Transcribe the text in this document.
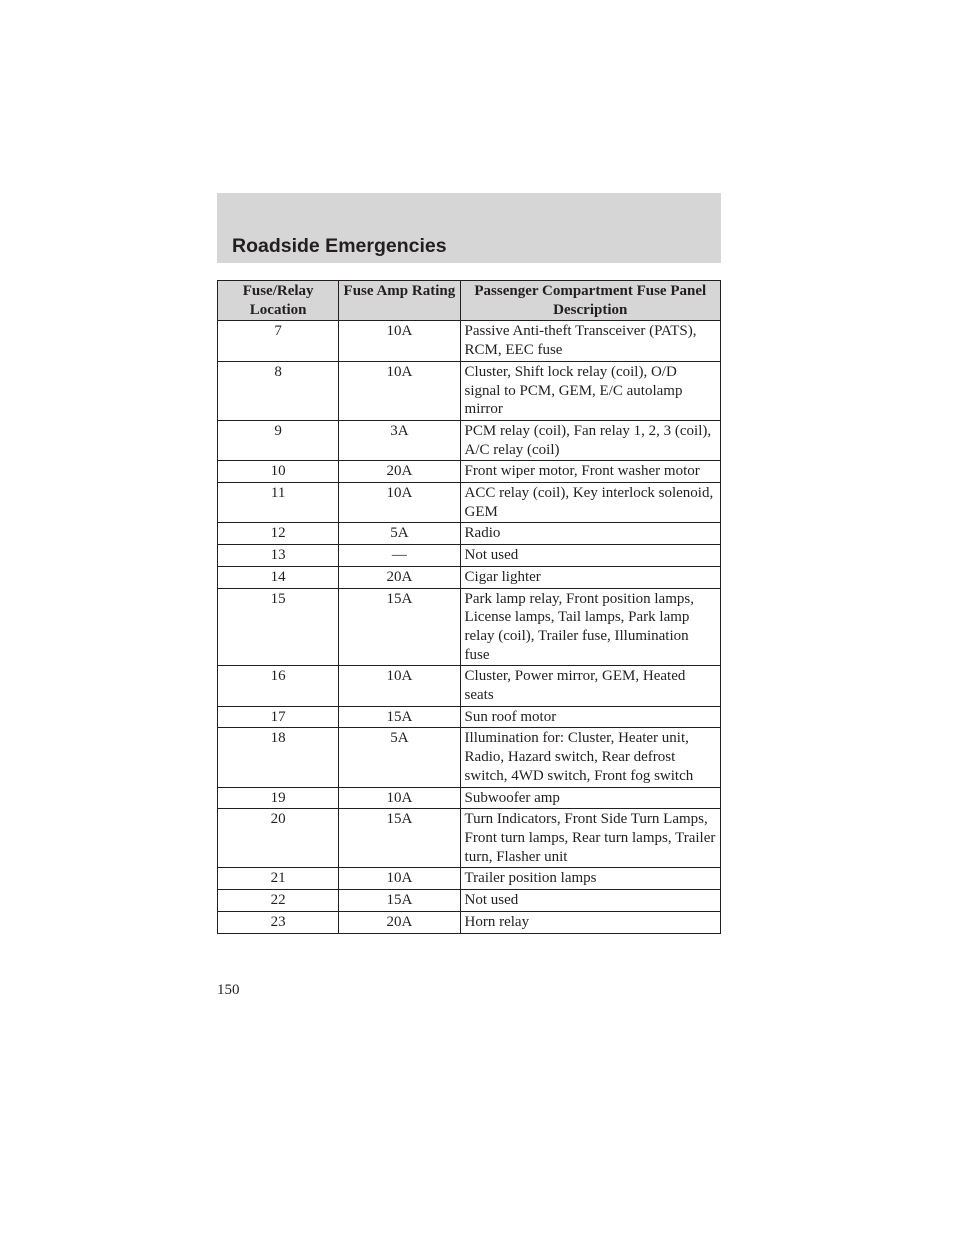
Roadside Emergencies
Fuse/Relay Location	Fuse Amp Rating	Passenger Compartment Fuse Panel Description
7	10A	Passive Anti-theft Transceiver (PATS), RCM, EEC fuse
8	10A	Cluster, Shift lock relay (coil), O/D signal to PCM, GEM, E/C autolamp mirror
9	3A	PCM relay (coil), Fan relay 1, 2, 3 (coil), A/C relay (coil)
10	20A	Front wiper motor, Front washer motor
11	10A	ACC relay (coil), Key interlock solenoid, GEM
12	5A	Radio
13	—	Not used
14	20A	Cigar lighter
15	15A	Park lamp relay, Front position lamps, License lamps, Tail lamps, Park lamp relay (coil), Trailer fuse, Illumination fuse
16	10A	Cluster, Power mirror, GEM, Heated seats
17	15A	Sun roof motor
18	5A	Illumination for: Cluster, Heater unit, Radio, Hazard switch, Rear defrost switch, 4WD switch, Front fog switch
19	10A	Subwoofer amp
20	15A	Turn Indicators, Front Side Turn Lamps, Front turn lamps, Rear turn lamps, Trailer turn, Flasher unit
21	10A	Trailer position lamps
22	15A	Not used
23	20A	Horn relay
150
